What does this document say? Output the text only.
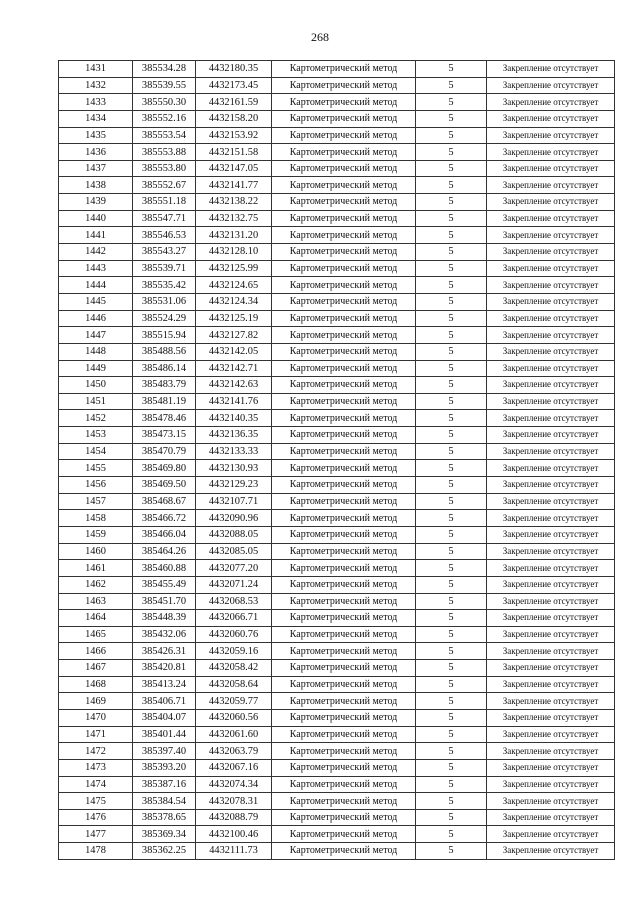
268
1431	385534.28	4432180.35	Картометрический метод	5	Закрепление отсутствует
1432	385539.55	4432173.45	Картометрический метод	5	Закрепление отсутствует
1433	385550.30	4432161.59	Картометрический метод	5	Закрепление отсутствует
1434	385552.16	4432158.20	Картометрический метод	5	Закрепление отсутствует
1435	385553.54	4432153.92	Картометрический метод	5	Закрепление отсутствует
1436	385553.88	4432151.58	Картометрический метод	5	Закрепление отсутствует
1437	385553.80	4432147.05	Картометрический метод	5	Закрепление отсутствует
1438	385552.67	4432141.77	Картометрический метод	5	Закрепление отсутствует
1439	385551.18	4432138.22	Картометрический метод	5	Закрепление отсутствует
1440	385547.71	4432132.75	Картометрический метод	5	Закрепление отсутствует
1441	385546.53	4432131.20	Картометрический метод	5	Закрепление отсутствует
1442	385543.27	4432128.10	Картометрический метод	5	Закрепление отсутствует
1443	385539.71	4432125.99	Картометрический метод	5	Закрепление отсутствует
1444	385535.42	4432124.65	Картометрический метод	5	Закрепление отсутствует
1445	385531.06	4432124.34	Картометрический метод	5	Закрепление отсутствует
1446	385524.29	4432125.19	Картометрический метод	5	Закрепление отсутствует
1447	385515.94	4432127.82	Картометрический метод	5	Закрепление отсутствует
1448	385488.56	4432142.05	Картометрический метод	5	Закрепление отсутствует
1449	385486.14	4432142.71	Картометрический метод	5	Закрепление отсутствует
1450	385483.79	4432142.63	Картометрический метод	5	Закрепление отсутствует
1451	385481.19	4432141.76	Картометрический метод	5	Закрепление отсутствует
1452	385478.46	4432140.35	Картометрический метод	5	Закрепление отсутствует
1453	385473.15	4432136.35	Картометрический метод	5	Закрепление отсутствует
1454	385470.79	4432133.33	Картометрический метод	5	Закрепление отсутствует
1455	385469.80	4432130.93	Картометрический метод	5	Закрепление отсутствует
1456	385469.50	4432129.23	Картометрический метод	5	Закрепление отсутствует
1457	385468.67	4432107.71	Картометрический метод	5	Закрепление отсутствует
1458	385466.72	4432090.96	Картометрический метод	5	Закрепление отсутствует
1459	385466.04	4432088.05	Картометрический метод	5	Закрепление отсутствует
1460	385464.26	4432085.05	Картометрический метод	5	Закрепление отсутствует
1461	385460.88	4432077.20	Картометрический метод	5	Закрепление отсутствует
1462	385455.49	4432071.24	Картометрический метод	5	Закрепление отсутствует
1463	385451.70	4432068.53	Картометрический метод	5	Закрепление отсутствует
1464	385448.39	4432066.71	Картометрический метод	5	Закрепление отсутствует
1465	385432.06	4432060.76	Картометрический метод	5	Закрепление отсутствует
1466	385426.31	4432059.16	Картометрический метод	5	Закрепление отсутствует
1467	385420.81	4432058.42	Картометрический метод	5	Закрепление отсутствует
1468	385413.24	4432058.64	Картометрический метод	5	Закрепление отсутствует
1469	385406.71	4432059.77	Картометрический метод	5	Закрепление отсутствует
1470	385404.07	4432060.56	Картометрический метод	5	Закрепление отсутствует
1471	385401.44	4432061.60	Картометрический метод	5	Закрепление отсутствует
1472	385397.40	4432063.79	Картометрический метод	5	Закрепление отсутствует
1473	385393.20	4432067.16	Картометрический метод	5	Закрепление отсутствует
1474	385387.16	4432074.34	Картометрический метод	5	Закрепление отсутствует
1475	385384.54	4432078.31	Картометрический метод	5	Закрепление отсутствует
1476	385378.65	4432088.79	Картометрический метод	5	Закрепление отсутствует
1477	385369.34	4432100.46	Картометрический метод	5	Закрепление отсутствует
1478	385362.25	4432111.73	Картометрический метод	5	Закрепление отсутствует
